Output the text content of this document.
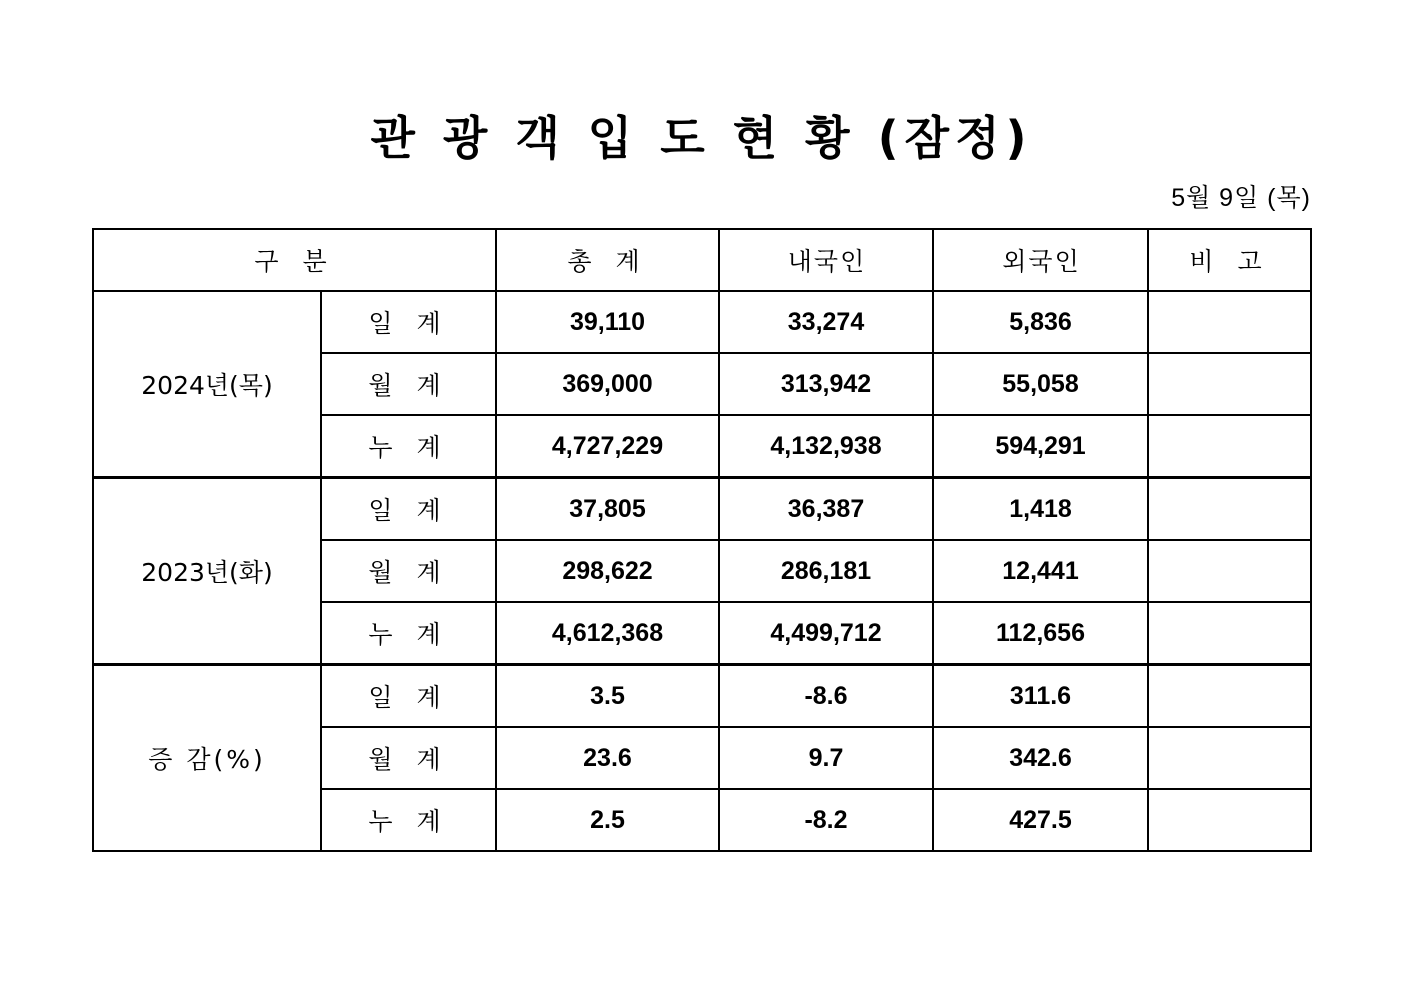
관 광 객 입 도 현 황 (잠정)
5월 9일 (목)
구 분		총 계	내국인	외국인	비 고
2024년(목)	일 계	39,110	33,274	5,836	
	월 계	369,000	313,942	55,058	
	누 계	4,727,229	4,132,938	594,291	
2023년(화)	일 계	37,805	36,387	1,418	
	월 계	298,622	286,181	12,441	
	누 계	4,612,368	4,499,712	112,656	
증 감(%)	일 계	3.5	-8.6	311.6	
	월 계	23.6	9.7	342.6	
	누 계	2.5	-8.2	427.5	
